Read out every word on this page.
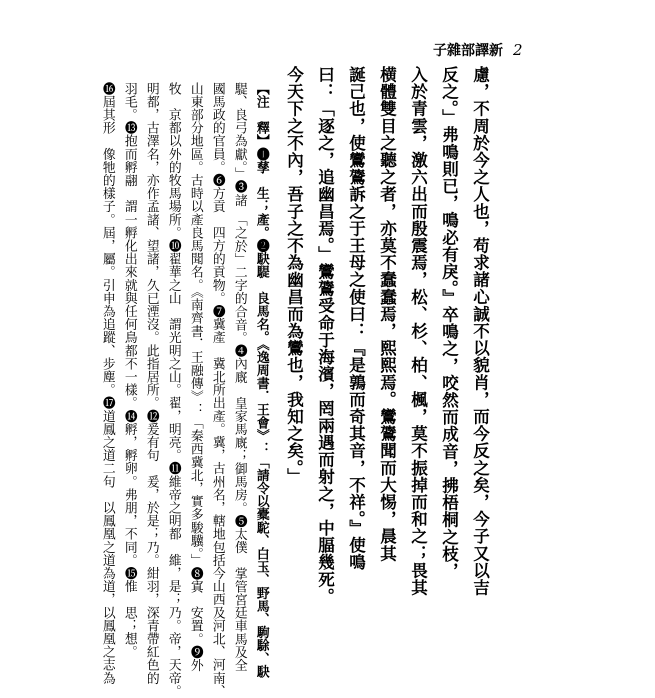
子雜部譯新 2
慮，不周於今之人也，苟求諸心誠不以貌肖，而今反之矣，今子又以吉
反之。」弗鳴則已，鳴必有戾。』卒鳴之，咬然而成音，拂梧桐之枝，
入於青雲，激六出而殷震焉，松、杉、柏、楓，莫不振掉而和之；畏其
横體雙目之聽之者，亦莫不蠢蠢焉，熙熙焉。鸞鷟聞而大惕，晨其
誕己也，使鸞鷟訴之于王母之使曰：『是鶉而奇其音，不祥。』使鳴
曰：「逐之，追幽昌焉。」鸞鷟受命于海濱，罔兩遇而射之，中腷幾死。
今天下之不內，吾子之不為幽昌而為鸞也，我知之矣。」
【注　釋】❶孳　生；產。❷駃騠　良馬名。《逸周書．王會》：「請令以橐駝、白玉、野馬、駒駼、駃
騠、良弓為獻。」❸諸　「之於」二字的合音。❹內廐　皇家馬廐；御馬房。❺太僕　掌管宮廷車馬及全
國馬政的官員。❻方貢　四方的貢物。❼冀產　冀北所出產。冀，古州名，轄地包括今山西及河北、河南、
山東部分地區。古時以產良馬聞名。《南齊書．王融傳》：「秦西冀北，實多駿驥。」❽寘　安置。❾外
牧　京都以外的牧馬場所。❿翟華之山　謂光明之山。翟，明亮。⓫維帝之明都　維，是；乃。帝，天帝。
明都，古澤名，亦作孟諸、望諸，久已湮沒。此指居所。⓬爰有句　爰，於是；乃。紺羽，深青帶紅色的
羽毛。⓭抱而孵翮　謂一孵化出來就與任何鳥都不一樣。⓮孵，孵卵。弗朋，不同。⓯惟　思；想。
⓰屆其形　像牠的樣子。屆，屬。引申為追蹤、步塵。⓱道鳳之道二句　以鳳凰之道為道，以鳳凰之志為
